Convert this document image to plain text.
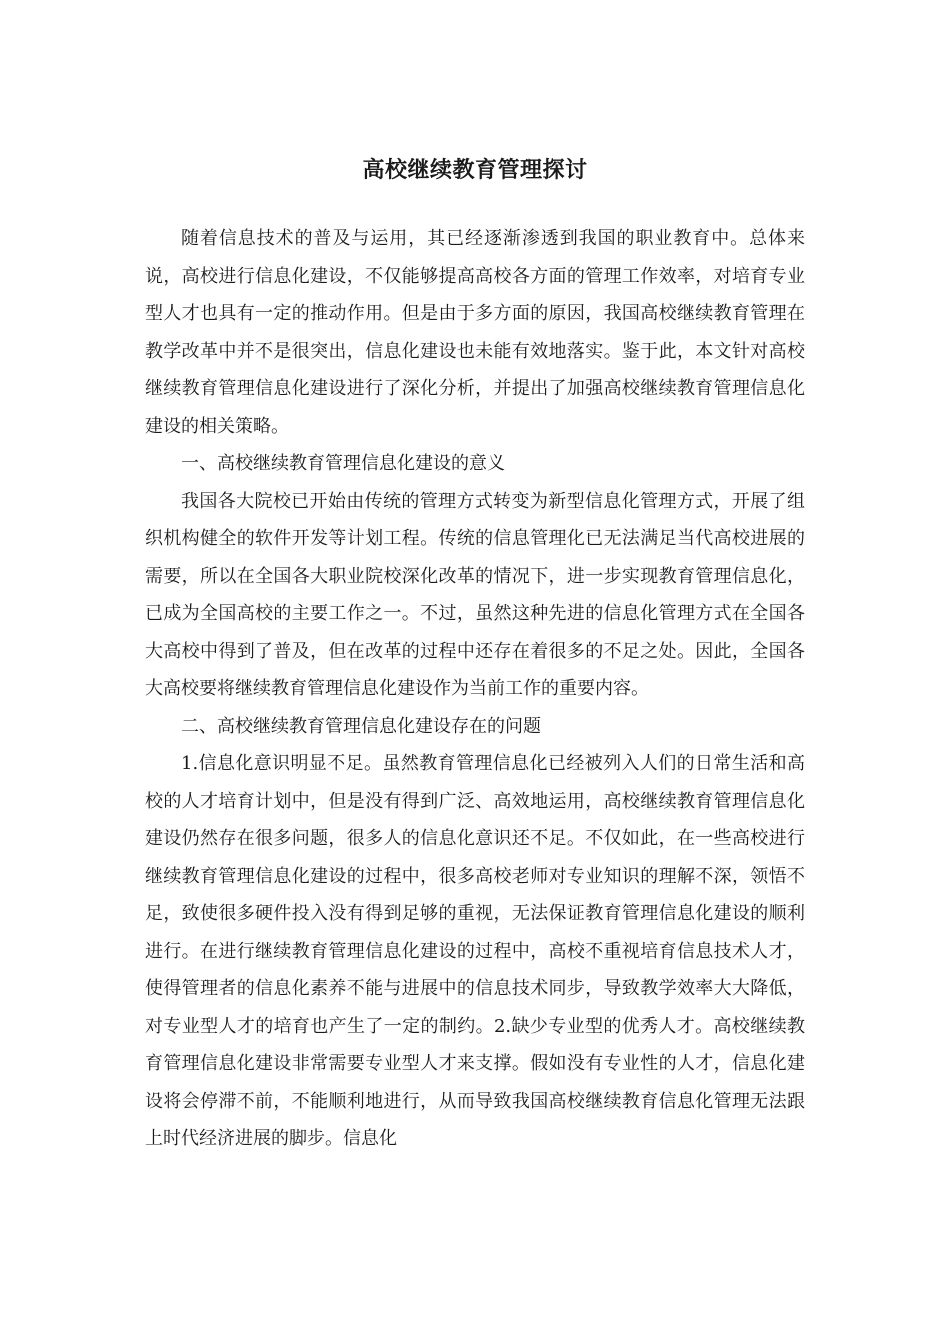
高校继续教育管理探讨

随着信息技术的普及与运用，其已经逐渐渗透到我国的职业教育中。总体来说，高校进行信息化建设，不仅能够提高高校各方面的管理工作效率，对培育专业型人才也具有一定的推动作用。但是由于多方面的原因，我国高校继续教育管理在教学改革中并不是很突出，信息化建设也未能有效地落实。鉴于此，本文针对高校继续教育管理信息化建设进行了深化分析，并提出了加强高校继续教育管理信息化建设的相关策略。

一、高校继续教育管理信息化建设的意义

我国各大院校已开始由传统的管理方式转变为新型信息化管理方式，开展了组织机构健全的软件开发等计划工程。传统的信息管理化已无法满足当代高校进展的需要，所以在全国各大职业院校深化改革的情况下，进一步实现教育管理信息化，已成为全国高校的主要工作之一。不过，虽然这种先进的信息化管理方式在全国各大高校中得到了普及，但在改革的过程中还存在着很多的不足之处。因此，全国各大高校要将继续教育管理信息化建设作为当前工作的重要内容。

二、高校继续教育管理信息化建设存在的问题

1.信息化意识明显不足。虽然教育管理信息化已经被列入人们的日常生活和高校的人才培育计划中，但是没有得到广泛、高效地运用，高校继续教育管理信息化建设仍然存在很多问题，很多人的信息化意识还不足。不仅如此，在一些高校进行继续教育管理信息化建设的过程中，很多高校老师对专业知识的理解不深，领悟不足，致使很多硬件投入没有得到足够的重视，无法保证教育管理信息化建设的顺利进行。在进行继续教育管理信息化建设的过程中，高校不重视培育信息技术人才，使得管理者的信息化素养不能与进展中的信息技术同步，导致教学效率大大降低，对专业型人才的培育也产生了一定的制约。2.缺少专业型的优秀人才。高校继续教育管理信息化建设非常需要专业型人才来支撑。假如没有专业性的人才，信息化建设将会停滞不前，不能顺利地进行，从而导致我国高校继续教育信息化管理无法跟上时代经济进展的脚步。信息化
